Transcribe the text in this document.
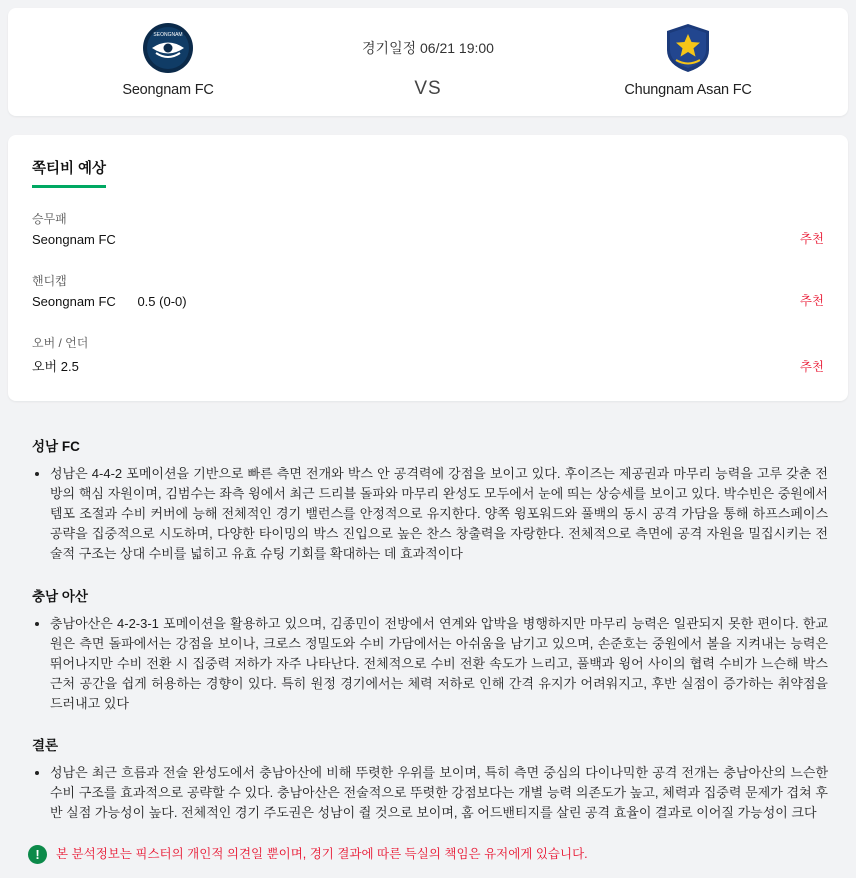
SEONGNAM
Seongnam FC
경기일정 06/21 19:00
VS	Chungnam Asan FC
쪽티비 예상
승무패
Seongnam FC	추천
핸디캡
Seongnam FC 0.5 (0-0)	추천
오버 / 언더
오버 2.5	추천
성남 FC
• 성남은 4-4-2 포메이션을 기반으로 빠른 측면 전개와 박스 안 공격력에 강점을 보이고 있다. 후이즈는 제공권과 마무리 능력을 고루 갖춘 전방의 핵심 자원이며, 김범수는 좌측 윙에서 최근 드리블 돌파와 마무리 완성도 모두에서 눈에 띄는 상승세를 보이고 있다. 박수빈은 중원에서 템포 조절과 수비 커버에 능해 전체적인 경기 밸런스를 안정적으로 유지한다. 양쪽 윙포워드와 풀백의 동시 공격 가담을 통해 하프스페이스 공략을 집중적으로 시도하며, 다양한 타이밍의 박스 진입으로 높은 찬스 창출력을 자랑한다. 전체적으로 측면에 공격 자원을 밀집시키는 전술적 구조는 상대 수비를 넓히고 유효 슈팅 기회를 확대하는 데 효과적이다
충남 아산
• 충남아산은 4-2-3-1 포메이션을 활용하고 있으며, 김종민이 전방에서 연계와 압박을 병행하지만 마무리 능력은 일관되지 못한 편이다. 한교원은 측면 돌파에서는 강점을 보이나, 크로스 정밀도와 수비 가담에서는 아쉬움을 남기고 있으며, 손준호는 중원에서 볼을 지켜내는 능력은 뛰어나지만 수비 전환 시 집중력 저하가 자주 나타난다. 전체적으로 수비 전환 속도가 느리고, 풀백과 윙어 사이의 협력 수비가 느슨해 박스 근처 공간을 쉽게 허용하는 경향이 있다. 특히 원정 경기에서는 체력 저하로 인해 간격 유지가 어려워지고, 후반 실점이 증가하는 취약점을 드러내고 있다
결론
• 성남은 최근 흐름과 전술 완성도에서 충남아산에 비해 뚜렷한 우위를 보이며, 특히 측면 중심의 다이나믹한 공격 전개는 충남아산의 느슨한 수비 구조를 효과적으로 공략할 수 있다. 충남아산은 전술적으로 뚜렷한 강점보다는 개별 능력 의존도가 높고, 체력과 집중력 문제가 겹쳐 후반 실점 가능성이 높다. 전체적인 경기 주도권은 성남이 쥘 것으로 보이며, 홈 어드밴티지를 살린 공격 효율이 결과로 이어질 가능성이 크다
!	본 분석정보는 픽스터의 개인적 의견일 뿐이며, 경기 결과에 따른 득실의 책임은 유저에게 있습니다.
